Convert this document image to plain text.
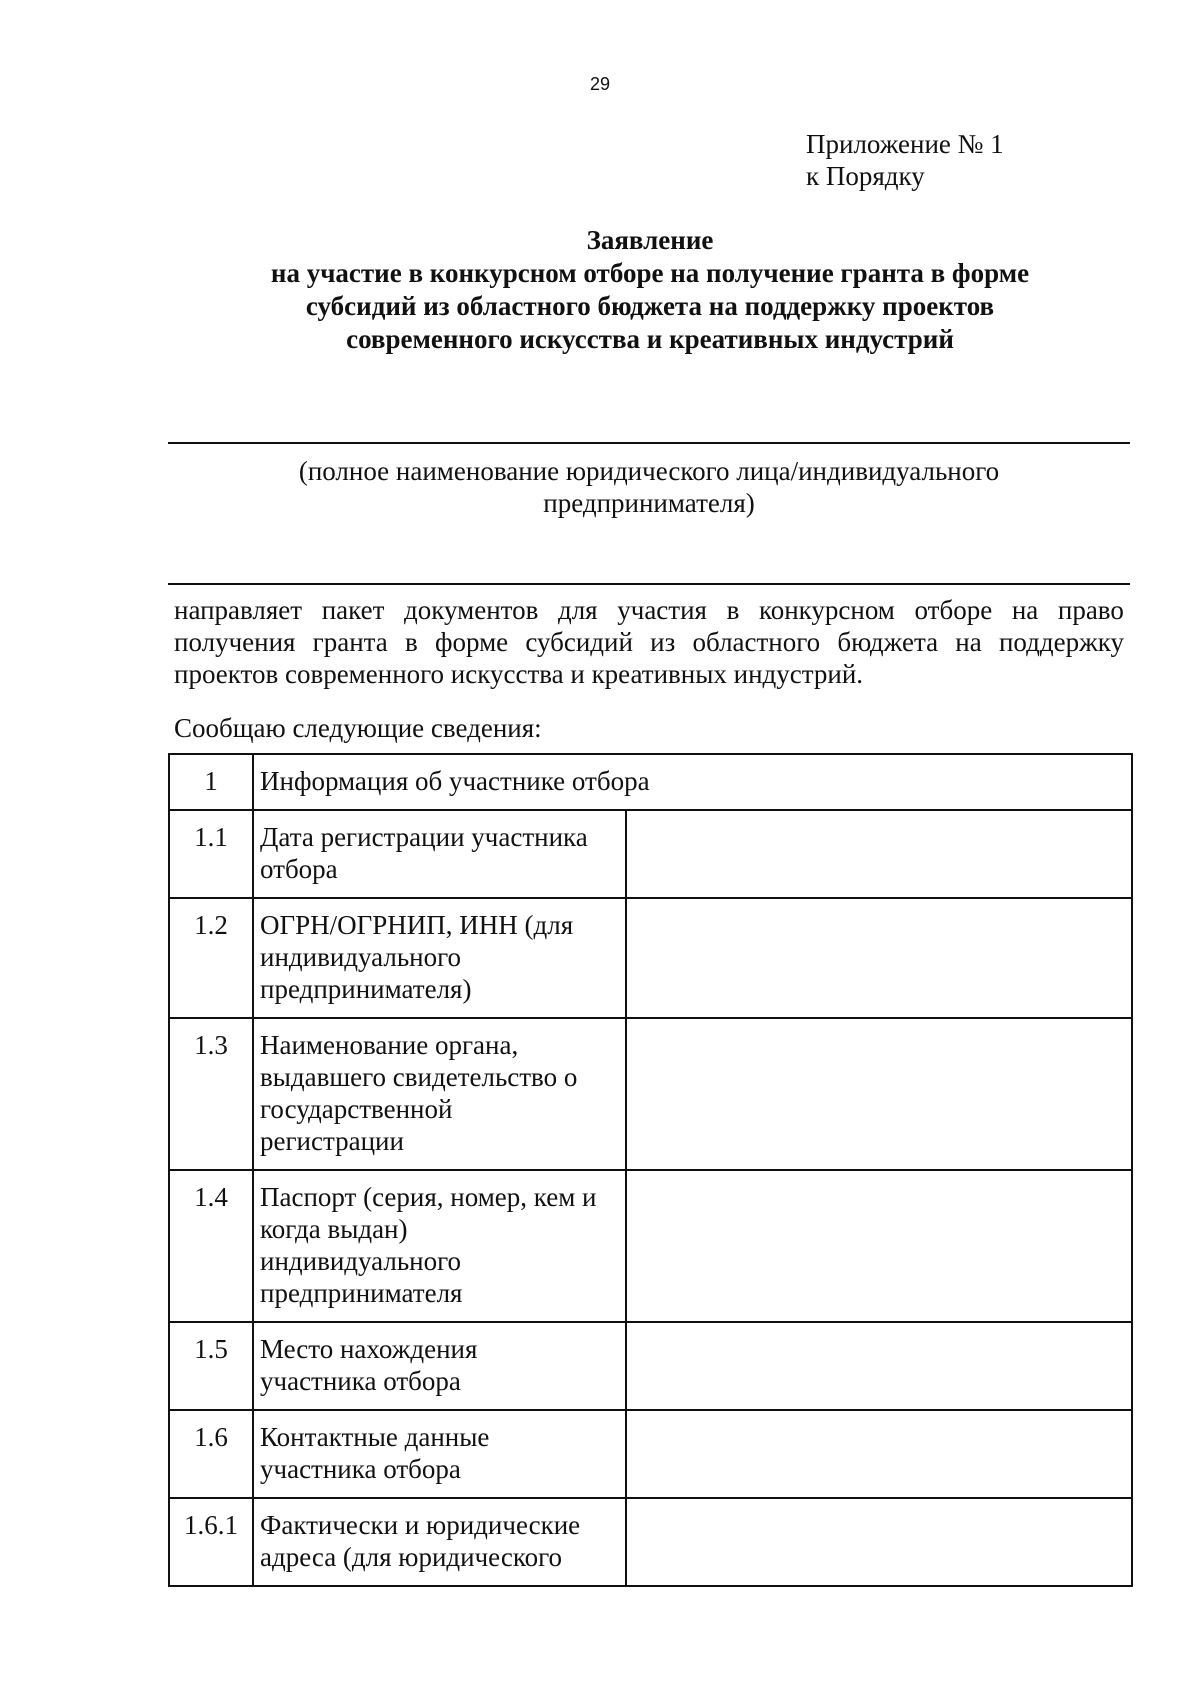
29
Приложение № 1
к Порядку
Заявление
на участие в конкурсном отборе на получение гранта в форме
субсидий из областного бюджета на поддержку проектов
современного искусства и креативных индустрий
(полное наименование юридического лица/индивидуального
предпринимателя)
направляет пакет документов для участия в конкурсном отборе на право
получения гранта в форме субсидий из областного бюджета на поддержку
проектов современного искусства и креативных индустрий.
Сообщаю следующие сведения:
1	Информация об участнике отбора	
1.1	Дата регистрации участника
отбора	

1.2	ОГРН/ОГРНИП, ИНН (для
индивидуального
предпринимателя)	

1.3	Наименование органа,
выдавшего свидетельство о
государственной
регистрации	

1.4	Паспорт (серия, номер, кем и
когда выдан)
индивидуального
предпринимателя	

1.5	Место нахождения
участника отбора	

1.6	Контактные данные
участника отбора	

1.6.1	Фактически и юридические
адреса (для юридического	
